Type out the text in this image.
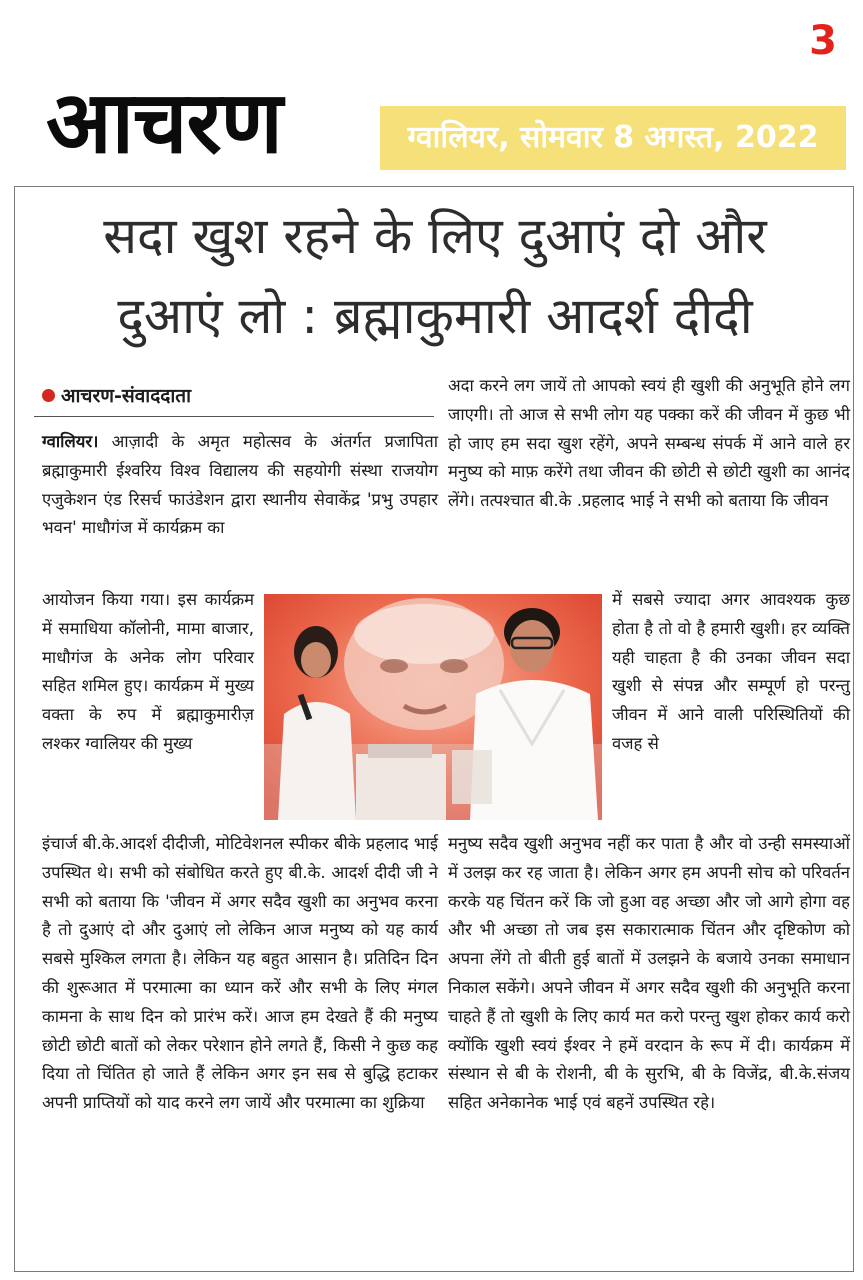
3
आचरण	ग्वालियर, सोमवार 8 अगस्त, 2022
सदा खुश रहने के लिए दुआएं दो और
दुआएं लो : ब्रह्माकुमारी आदर्श दीदी
आचरण-संवाददाता

ग्वालियर। आज़ादी के अमृत महोत्सव के अंतर्गत प्रजापिता ब्रह्माकुमारी ईश्वरिय विश्व विद्यालय की सहयोगी संस्था राजयोग एजुकेशन एंड रिसर्च फाउंडेशन द्वारा स्थानीय सेवाकेंद्र 'प्रभु उपहार भवन' माधौगंज में कार्यक्रम का

आयोजन किया गया। इस कार्यक्रम में समाधिया कॉलोनी, मामा बाजार, माधौगंज के अनेक लोग परिवार सहित शमिल हुए। कार्यक्रम में मुख्य वक्ता के रुप में ब्रह्माकुमारीज़ लश्कर ग्वालियर की मुख्य

इंचार्ज बी.के.आदर्श दीदीजी, मोटिवेशनल स्पीकर बीके प्रहलाद भाई उपस्थित थे। सभी को संबोधित करते हुए बी.के. आदर्श दीदी जी ने सभी को बताया कि 'जीवन में अगर सदैव खुशी का अनुभव करना है तो दुआएं दो और दुआएं लो लेकिन आज मनुष्य को यह कार्य सबसे मुश्किल लगता है। लेकिन यह बहुत आसान है। प्रतिदिन दिन की शुरूआत में परमात्मा का ध्यान करें और सभी के लिए मंगल कामना के साथ दिन को प्रारंभ करें। आज हम देखते हैं की मनुष्य छोटी छोटी बातों को लेकर परेशान होने लगते हैं, किसी ने कुछ कह दिया तो चिंतित हो जाते हैं लेकिन अगर इन सब से बुद्धि हटाकर अपनी प्राप्तियों को याद करने लग जायें और परमात्मा का शुक्रिया

अदा करने लग जायें तो आपको स्वयं ही खुशी की अनुभूति होने लग जाएगी। तो आज से सभी लोग यह पक्का करें की जीवन में कुछ भी हो जाए हम सदा खुश रहेंगे, अपने सम्बन्ध संपर्क में आने वाले हर मनुष्य को माफ़ करेंगे तथा जीवन की छोटी से छोटी खुशी का आनंद लेंगे। तत्पश्चात बी.के .प्रहलाद भाई ने सभी को बताया कि जीवन

में सबसे ज्यादा अगर आवश्यक कुछ होता है तो वो है हमारी खुशी। हर व्यक्ति यही चाहता है की उनका जीवन सदा खुशी से संपन्न और सम्पूर्ण हो परन्तु जीवन में आने वाली परिस्थितियों की वजह से

मनुष्य सदैव खुशी अनुभव नहीं कर पाता है और वो उन्ही समस्याओं में उलझ कर रह जाता है। लेकिन अगर हम अपनी सोच को परिवर्तन करके यह चिंतन करें कि जो हुआ वह अच्छा और जो आगे होगा वह और भी अच्छा तो जब इस सकारात्माक चिंतन और दृष्टिकोण को अपना लेंगे तो बीती हुई बातों में उलझने के बजाये उनका समाधान निकाल सकेंगे। अपने जीवन में अगर सदैव खुशी की अनुभूति करना चाहते हैं तो खुशी के लिए कार्य मत करो परन्तु खुश होकर कार्य करो क्योंकि खुशी स्वयं ईश्वर ने हमें वरदान के रूप में दी। कार्यक्रम में संस्थान से बी के रोशनी, बी के सुरभि, बी के विजेंद्र, बी.के.संजय सहित अनेकानेक भाई एवं बहनें उपस्थित रहे।
